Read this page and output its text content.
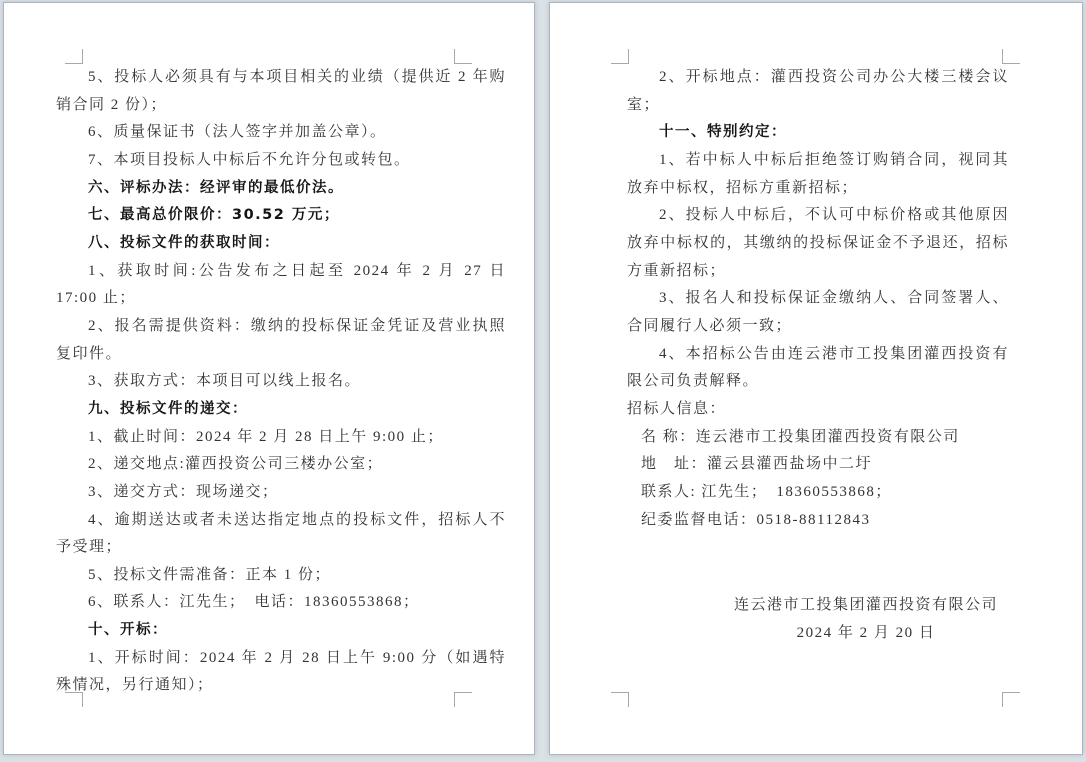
5、投标人必须具有与本项目相关的业绩（提供近 2 年购销合同 2 份）；

6、质量保证书（法人签字并加盖公章）。

7、本项目投标人中标后不允许分包或转包。

六、评标办法：经评审的最低价法。

七、最高总价限价：30.52 万元；

八、投标文件的获取时间：

1、获取时间:公告发布之日起至 2024 年 2 月 27 日 17:00 止；

2、报名需提供资料：缴纳的投标保证金凭证及营业执照复印件。

3、获取方式：本项目可以线上报名。

九、投标文件的递交：

1、截止时间：2024 年 2 月 28 日上午 9:00 止；

2、递交地点:灌西投资公司三楼办公室；

3、递交方式：现场递交；

4、逾期送达或者未送达指定地点的投标文件，招标人不予受理；

5、投标文件需准备：正本 1 份；

6、联系人：江先生；　电话：18360553868；

十、开标：

1、开标时间：2024 年 2 月 28 日上午 9:00 分（如遇特殊情况，另行通知）；

2、开标地点：灌西投资公司办公大楼三楼会议室；

十一、特别约定：

1、若中标人中标后拒绝签订购销合同，视同其放弃中标权，招标方重新招标；

2、投标人中标后，不认可中标价格或其他原因放弃中标权的，其缴纳的投标保证金不予退还，招标方重新招标；

3、报名人和投标保证金缴纳人、合同签署人、合同履行人必须一致；

4、本招标公告由连云港市工投集团灌西投资有限公司负责解释。

招标人信息：

名 称：连云港市工投集团灌西投资有限公司

地　址：灌云县灌西盐场中二圩

联系人: 江先生；　18360553868；

纪委监督电话：0518-88112843

连云港市工投集团灌西投资有限公司

2024 年 2 月 20 日
